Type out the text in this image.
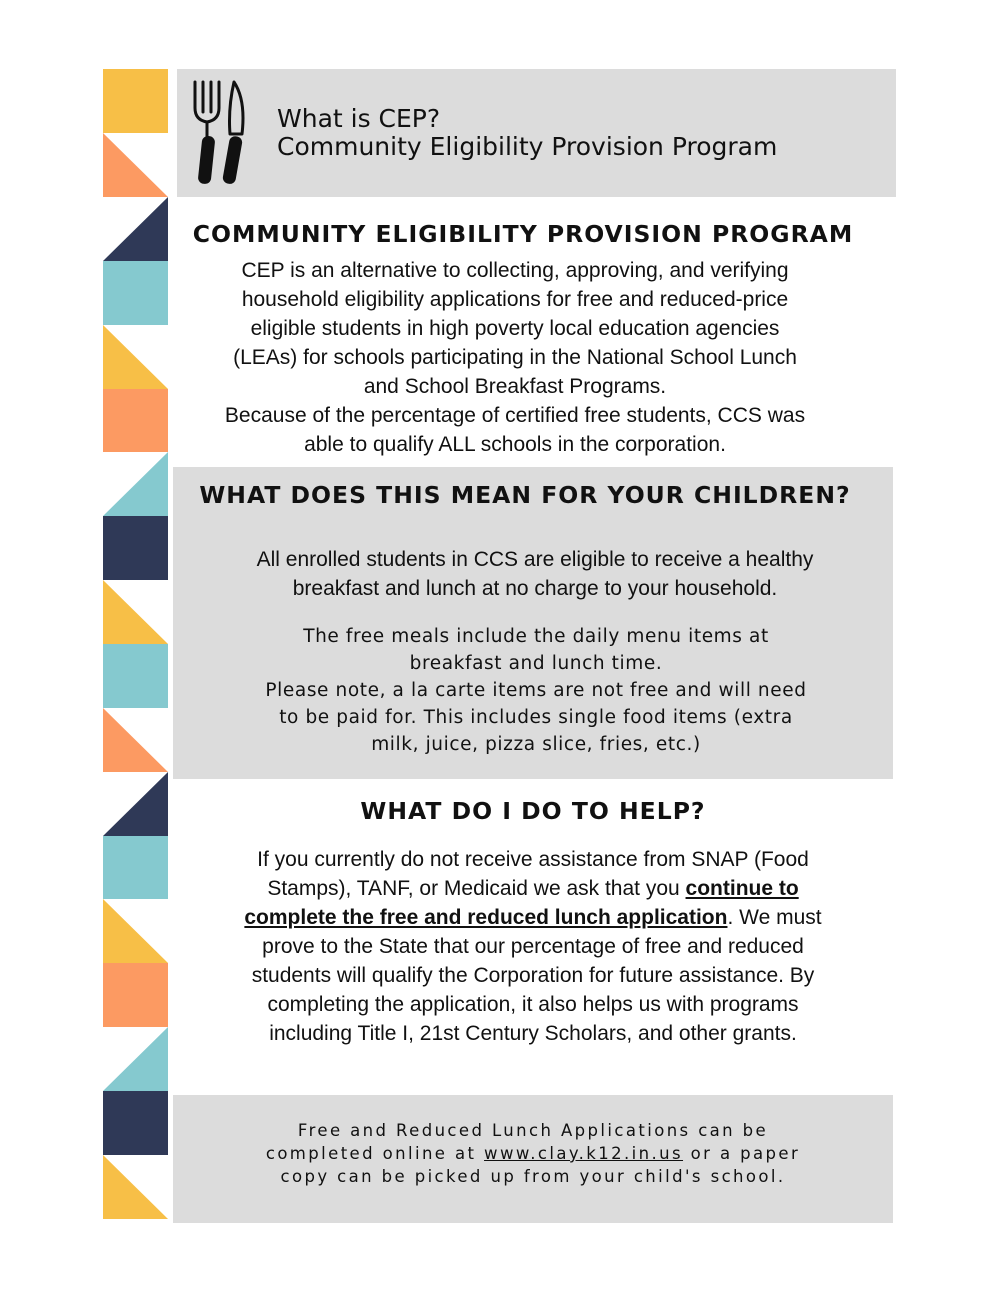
What is CEP?
Community Eligibility Provision Program
COMMUNITY ELIGIBILITY PROVISION PROGRAM

CEP is an alternative to collecting, approving, and verifying

household eligibility applications for free and reduced-price

eligible students in high poverty local education agencies

(LEAs) for schools participating in the National School Lunch

and School Breakfast Programs.

Because of the percentage of certified free students, CCS was

able to qualify ALL schools in the corporation.

WHAT DOES THIS MEAN FOR YOUR CHILDREN?

All enrolled students in CCS are eligible to receive a healthy

breakfast and lunch at no charge to your household.

The free meals include the daily menu items at

breakfast and lunch time.

Please note, a la carte items are not free and will need

to be paid for. This includes single food items (extra

milk, juice, pizza slice, fries, etc.)

WHAT DO I DO TO HELP?

If you currently do not receive assistance from SNAP (Food

Stamps), TANF, or Medicaid we ask that you continue to

complete the free and reduced lunch application. We must

prove to the State that our percentage of free and reduced

students will qualify the Corporation for future assistance. By

completing the application, it also helps us with programs

including Title I, 21st Century Scholars, and other grants.

Free and Reduced Lunch Applications can be

completed online at www.clay.k12.in.us or a paper

copy can be picked up from your child's school.
